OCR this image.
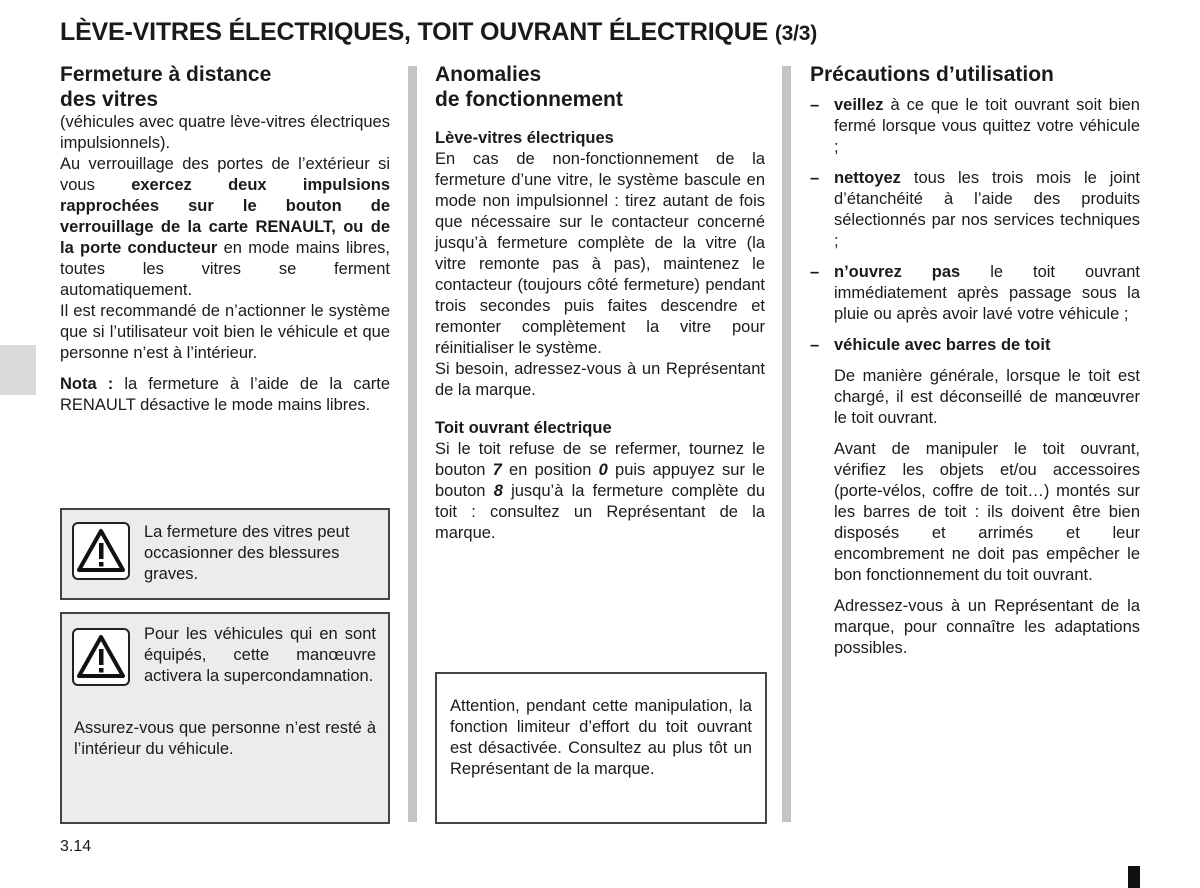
LÈVE-VITRES ÉLECTRIQUES, TOIT OUVRANT ÉLECTRIQUE (3/3)
Fermeture à distance
des vitres

(véhicules avec quatre lève-vitres électriques impulsionnels).

Au verrouillage des portes de l’extérieur si vous exercez deux impulsions rapprochées sur le bouton de verrouillage de la carte RENAULT, ou de la porte conducteur en mode mains libres, toutes les vitres se ferment automatiquement.

Il est recommandé de n’actionner le système que si l’utilisateur voit bien le véhicule et que personne n’est à l’intérieur.

Nota : la fermeture à l’aide de la carte RENAULT désactive le mode mains libres.

La fermeture des vitres peut occasionner des blessures graves.
Pour les véhicules qui en sont équipés, cette manœuvre activera la supercondamnation.
Assurez-vous que personne n’est resté à l’intérieur du véhicule.
Anomalies
de fonctionnement

Lève-vitres électriques

En cas de non-fonctionnement de la fermeture d’une vitre, le système bascule en mode non impulsionnel : tirez autant de fois que nécessaire sur le contacteur concerné jusqu’à fermeture complète de la vitre (la vitre remonte pas à pas), maintenez le contacteur (toujours côté fermeture) pendant trois secondes puis faites descendre et remonter complètement la vitre pour réinitialiser le système.

Si besoin, adressez-vous à un Représentant de la marque.

Toit ouvrant électrique

Si le toit refuse de se refermer, tournez le bouton 7 en position 0 puis appuyez sur le bouton 8 jusqu’à la fermeture complète du toit : consultez un Représentant de la marque.

Attention, pendant cette manipulation, la fonction limiteur d’effort du toit ouvrant est désactivée. Consultez au plus tôt un Représentant de la marque.
Précautions d’utilisation

– veillez à ce que le toit ouvrant soit bien fermé lorsque vous quittez votre véhicule ;

– nettoyez tous les trois mois le joint d’étanchéité à l’aide des produits sélectionnés par nos services techniques ;

– n’ouvrez pas le toit ouvrant immédiatement après passage sous la pluie ou après avoir lavé votre véhicule ;

– véhicule avec barres de toit

De manière générale, lorsque le toit est chargé, il est déconseillé de manœuvrer le toit ouvrant.

Avant de manipuler le toit ouvrant, vérifiez les objets et/ou accessoires (porte-vélos, coffre de toit…) montés sur les barres de toit : ils doivent être bien disposés et arrimés et leur encombrement ne doit pas empêcher le bon fonctionnement du toit ouvrant.

Adressez-vous à un Représentant de la marque, pour connaître les adaptations possibles.

3.14
